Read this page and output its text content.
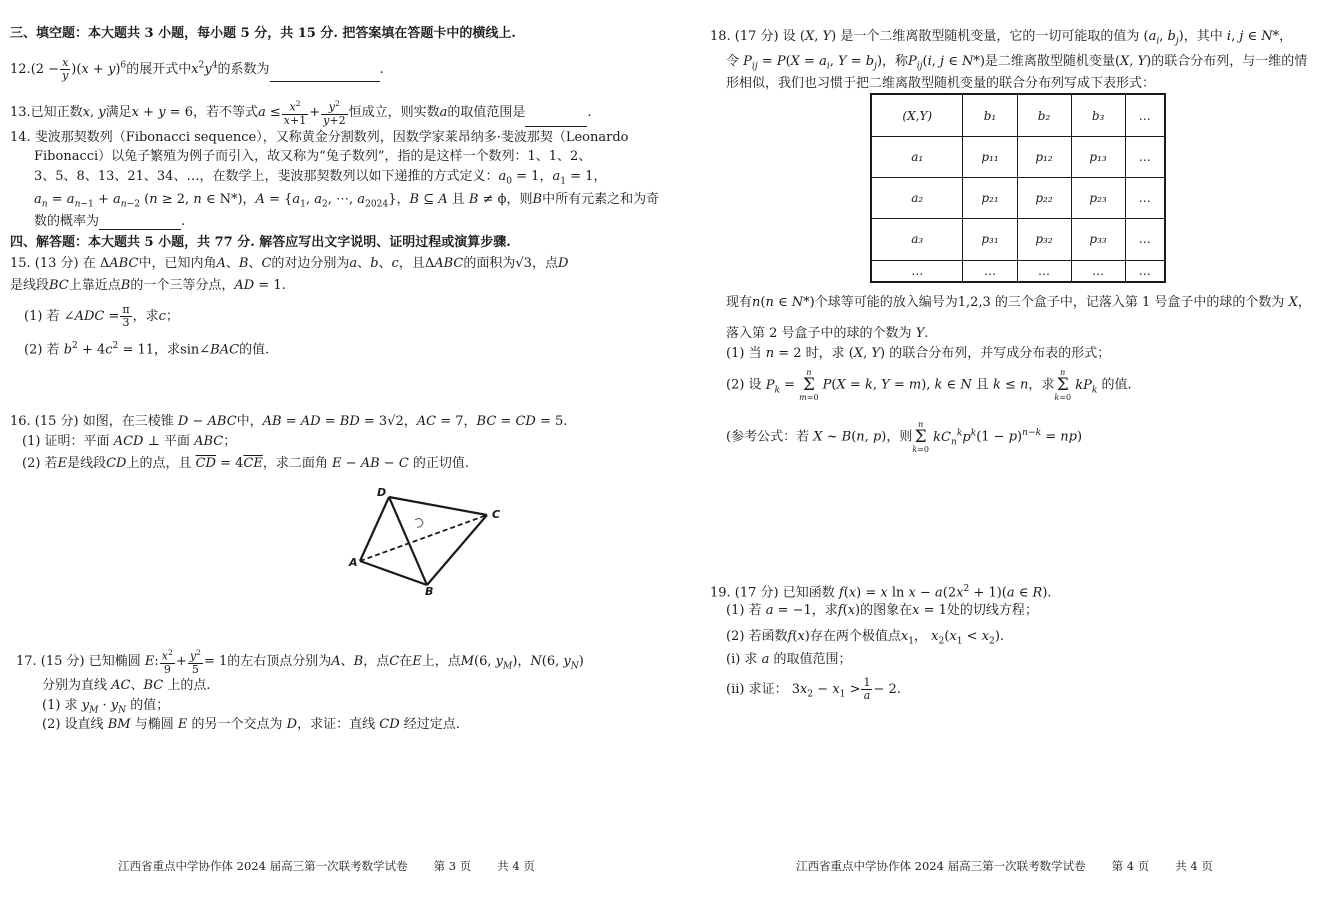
三、填空题：本大题共 3 小题，每小题 5 分，共 15 分. 把答案填在答题卡中的横线上.
$12.(2 - \frac{x}{y} )(x + y)^6$的展开式中$x^2y^4$的系数为	.
13.已知正数x, y满足x + y = 6，若不等式$a \le \frac{x^2}{x+1} + \frac{y^2}{y+2}$ 恒成立，则实数a的取值范围是	.
14. 斐波那契数列（Fibonacci sequence），又称黄金分割数列，因数学家莱昂纳多·斐波那契（Leonardo
Fibonacci）以兔子繁殖为例子而引入，故又称为“兔子数列”，指的是这样一个数列：1、1、2、
3、5、8、13、21、34、…，在数学上，斐波那契数列以如下递推的方式定义：$a_0 = 1$，$a_1 = 1$，
$a_n = a_{n-1} + a_{n-2}$ (n ≥ 2, n ∈ N*)，$A = \{a_1$, $a_2$, ⋯, $a_{2024}$}，B ⊆ A 且 B ≠ ϕ，则B中所有元素之和为奇
数的概率为	.
四、解答题：本大题共 5 小题，共 77 分. 解答应写出文字说明、证明过程或演算步骤.
15. (13 分) 在 ΔABC中，已知内角A、B、C的对边分别为a、b、c，且ΔABC的面积为√3，点D
是线段BC上靠近点B的一个三等分点，AD = 1.
(1) 若 ∠ADC = $\frac{\pi}{3}$ ，求c；
(2) 若 $b^2 + 4c^2 = 11$，求sin∠BAC的值.
16. (15 分) 如图，在三棱锥 D − ABC中，AB = AD = BD = 3√2，AC = 7，BC = CD = 5.
(1) 证明：平面 ACD ⊥ 平面 ABC；
(2) 若E是线段CD上的点，且 $\overline{CD} = 4\overline{CE}$，求二面角 E − AB − C 的正切值.
D
C
A
B
17. (15 分) 已知椭圆 E: $\frac{x^2}{9} + \frac{y^2}{5} = 1$的左右顶点分别为A、B，点C在E上，点M(6, $y_M$)，N(6, $y_N$)
分别为直线 AC、BC 上的点.
(1) 求 $y_M \cdot y_N$ 的值；
(2) 设直线 BM 与椭圆 E 的另一个交点为 D，求证：直线 CD 经过定点.
江西省重点中学协作体 2024 届高三第一次联考数学试卷 第 3 页 共 4 页
18. (17 分) 设 (X, Y) 是一个二维离散型随机变量，它的一切可能取的值为 ($a_i$, $b_j$)，其中 i, j ∈ N*，
令 $P_{ij} = P(X = a_i$, $Y = b_j$)，称$P_{ij}(i$, j ∈ N*)是二维离散型随机变量(X, Y)的联合分布列，与一维的情
形相似，我们也习惯于把二维离散型随机变量的联合分布列写成下表形式：
现有n(n ∈ N*)个球等可能的放入编号为1,2,3 的三个盒子中，记落入第 1 号盒子中的球的个数为 X，
落入第 2 号盒子中的球的个数为 Y.
(1) 当 n = 2 时，求 (X, Y) 的联合分布列，并写成分布表的形式；
(2) 设 $P_k = n$
Σ
m=0 P(X = k, Y = m), k ∈ N 且 k ≤ n，求n
Σ
k=0 $kP_k$ 的值.
(参考公式：若 X ~ B(n, p)，则n
Σ
k=0 $kC_n^kp^k(1 - p)^{n-k} = np$)
19. (17 分) 已知函数 f(x) = x $\ln x - a(2x^2 + 1)(a$ ∈ R).
(1) 若 a = −1，求f(x)的图象在x = 1处的切线方程；
(2) 若函数f(x)存在两个极值点$x_1$， $x_2(x_1 < x_2)$.
(i) 求 a 的取值范围；
(ii) 求证： $3x_2 - x_1 > \frac{1}{a} - 2$.
江西省重点中学协作体 2024 届高三第一次联考数学试卷 第 4 页 共 4 页
(X,Y)	b₁	b₂	b₃	…
a₁	p₁₁	p₁₂	p₁₃	…
a₂	p₂₁	p₂₂	p₂₃	…
a₃	p₃₁	p₃₂	p₃₃	…
…	…	…	…	…
